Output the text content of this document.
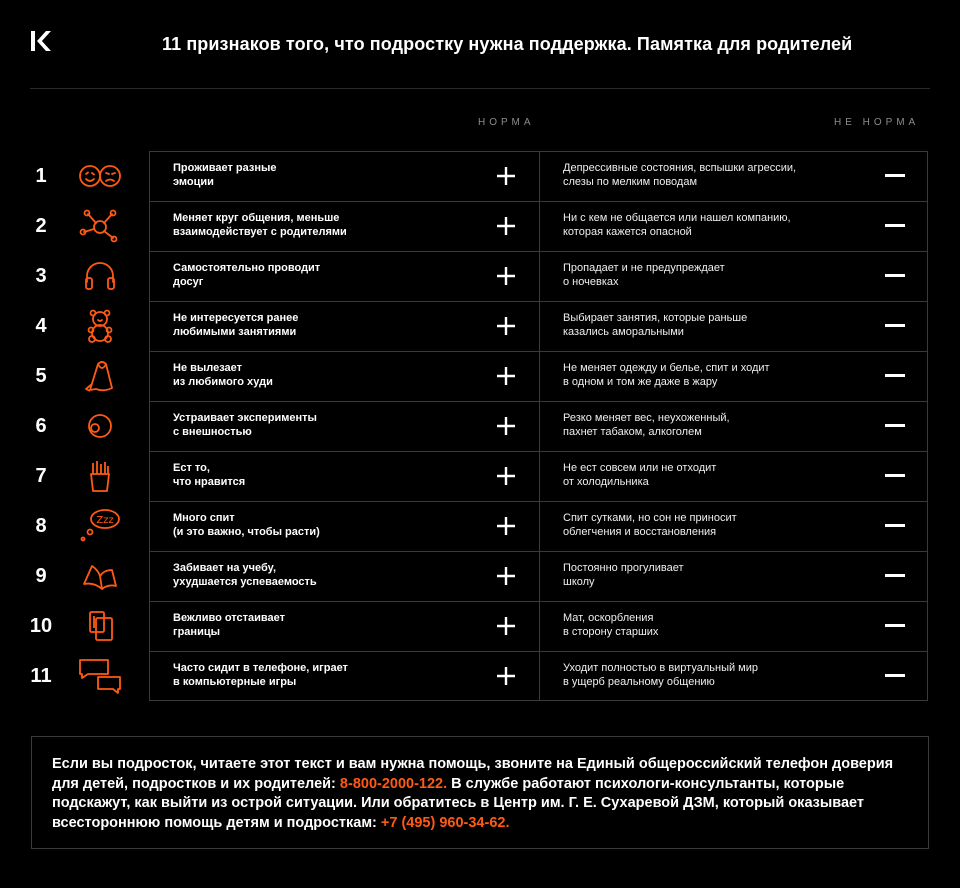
11 признаков того, что подростку нужна поддержка. Памятка для родителей
НОРМА	НЕ НОРМА
1
2
3
4
5
6
7
8	Zzz
9
10
11
Проживает разные
эмоции
Меняет круг общения, меньше
взаимодействует с родителями
Самостоятельно проводит
досуг
Не интересуется ранее
любимыми занятиями
Не вылезает
из любимого худи
Устраивает эксперименты
с внешностью
Ест то,
что нравится
Много спит
(и это важно, чтобы расти)
Забивает на учебу,
ухудшается успеваемость
Вежливо отстаивает
границы
Часто сидит в телефоне, играет
в компьютерные игры
Депрессивные состояния, вспышки агрессии,
слезы по мелким поводам
Ни с кем не общается или нашел компанию,
которая кажется опасной
Пропадает и не предупреждает
о ночевках
Выбирает занятия, которые раньше
казались аморальными
Не меняет одежду и белье, спит и ходит
в одном и том же даже в жару
Резко меняет вес, неухоженный,
пахнет табаком, алкоголем
Не ест совсем или не отходит
от холодильника
Спит сутками, но сон не приносит
облегчения и восстановления
Постоянно прогуливает
школу
Мат, оскорбления
в сторону старших
Уходит полностью в виртуальный мир
в ущерб реальному общению
Если вы подросток, читаете этот текст и вам нужна помощь, звоните на Единый общероссийский телефон доверия для детей, подростков и их родителей: 8-800-2000-122. В службе работают психологи-консультанты, которые подскажут, как выйти из острой ситуации. Или обратитесь в Центр им. Г. Е. Сухаревой ДЗМ, который оказывает всестороннюю помощь детям и подросткам: +7 (495) 960-34-62.
